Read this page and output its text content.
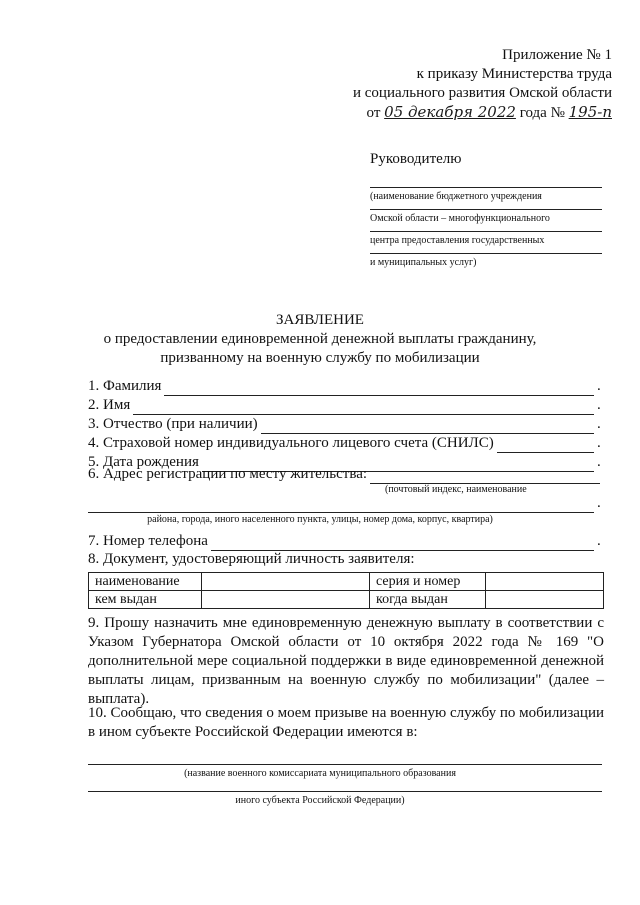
Приложение № 1
к приказу Министерства труда
и социального развития Омской области
от 05 декабря 2022 года № 195-п
Руководителю
(наименование бюджетного учреждения
Омской области – многофункционального
центра предоставления государственных
и муниципальных услуг)
ЗАЯВЛЕНИЕ
о предоставлении единовременной денежной выплаты гражданину,
призванному на военную службу по мобилизации
1. Фамилия	.
2. Имя	.
3. Отчество (при наличии)	.
4. Страховой номер индивидуального лицевого счета (СНИЛС)	.
5. Дата рождения	.
6. Адрес регистрации по месту жительства:
(почтовый индекс, наименование
.
района, города, иного населенного пункта, улицы, номер дома, корпус, квартира)
7. Номер телефона	.
8. Документ, удостоверяющий личность заявителя:
наименование		серия и номер	
кем выдан		когда выдан	
9. Прошу назначить мне единовременную денежную выплату в соответствии с Указом Губернатора Омской области от 10 октября 2022 года № 169 "О дополнительной мере социальной поддержки в виде единовременной денежной выплаты лицам, призванным на военную службу по мобилизации" (далее – выплата).
10. Сообщаю, что сведения о моем призыве на военную службу по мобилизации в ином субъекте Российской Федерации имеются в:
(название военного комиссариата муниципального образования
иного субъекта Российской Федерации)
